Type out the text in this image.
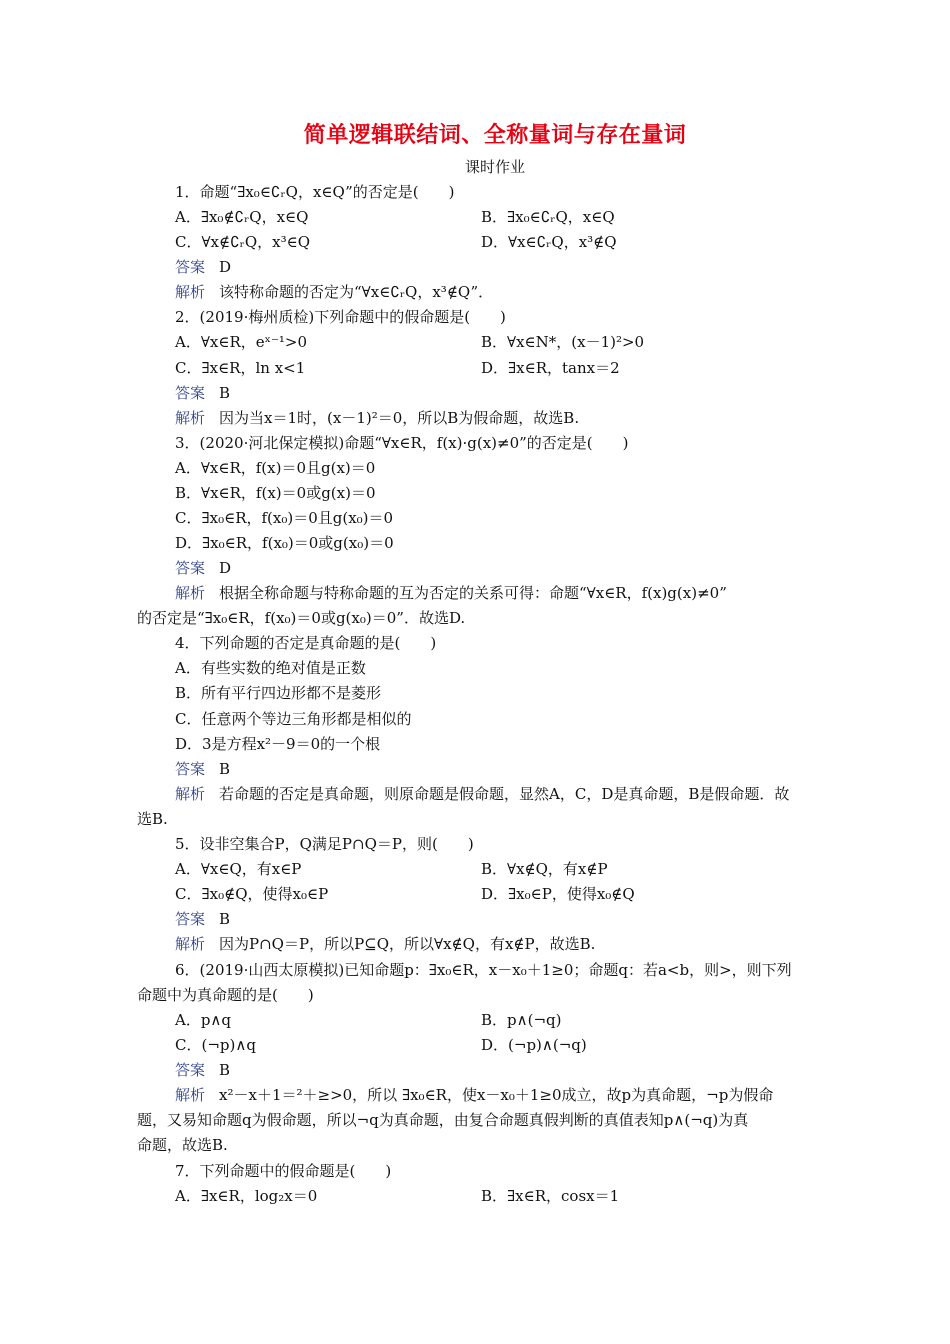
简单逻辑联结词、全称量词与存在量词
课时作业
1．命题“∃x₀∈∁ᵣQ，x∈Q”的否定是(　　)
A．∃x₀∉∁ᵣQ，x∈Q	B．∃x₀∈∁ᵣQ，x∈Q
C．∀x∉∁ᵣQ，x³∈Q	D．∀x∈∁ᵣQ，x³∉Q
答案 D
解析 该特称命题的否定为“∀x∈∁ᵣQ，x³∉Q”．
2．(2019·梅州质检)下列命题中的假命题是(　　)
A．∀x∈R，eˣ⁻¹>0	B．∀x∈N*，(x－1)²>0
C．∃x∈R，ln x<1	D．∃x∈R，tanx＝2
答案 B
解析 因为当x＝1时，(x－1)²＝0，所以B为假命题，故选B.
3．(2020·河北保定模拟)命题“∀x∈R，f(x)·g(x)≠0”的否定是(　　)
A．∀x∈R，f(x)＝0且g(x)＝0
B．∀x∈R，f(x)＝0或g(x)＝0
C．∃x₀∈R，f(x₀)＝0且g(x₀)＝0
D．∃x₀∈R，f(x₀)＝0或g(x₀)＝0
答案 D
解析 根据全称命题与特称命题的互为否定的关系可得：命题“∀x∈R，f(x)g(x)≠0”
的否定是“∃x₀∈R，f(x₀)＝0或g(x₀)＝0”．故选D.
4．下列命题的否定是真命题的是(　　)
A．有些实数的绝对值是正数
B．所有平行四边形都不是菱形
C．任意两个等边三角形都是相似的
D．3是方程x²－9＝0的一个根
答案 B
解析 若命题的否定是真命题，则原命题是假命题，显然A，C，D是真命题，B是假命题．故
选B.
5．设非空集合P，Q满足P∩Q＝P，则(　　)
A．∀x∈Q，有x∈P	B．∀x∉Q，有x∉P
C．∃x₀∉Q，使得x₀∈P	D．∃x₀∈P，使得x₀∉Q
答案 B
解析 因为P∩Q＝P，所以P⊆Q，所以∀x∉Q，有x∉P，故选B.
6．(2019·山西太原模拟)已知命题p：∃x₀∈R，x－x₀＋1≥0；命题q：若a<b，则>，则下列
命题中为真命题的是(　　)
A．p∧q	B．p∧(¬q)
C．(¬p)∧q	D．(¬p)∧(¬q)
答案 B
解析 x²－x＋1＝²＋≥>0，所以 ∃x₀∈R，使x－x₀＋1≥0成立，故p为真命题，¬p为假命
题，又易知命题q为假命题，所以¬q为真命题，由复合命题真假判断的真值表知p∧(¬q)为真
命题，故选B.
7．下列命题中的假命题是(　　)
A．∃x∈R，log₂x＝0	B．∃x∈R，cosx＝1
